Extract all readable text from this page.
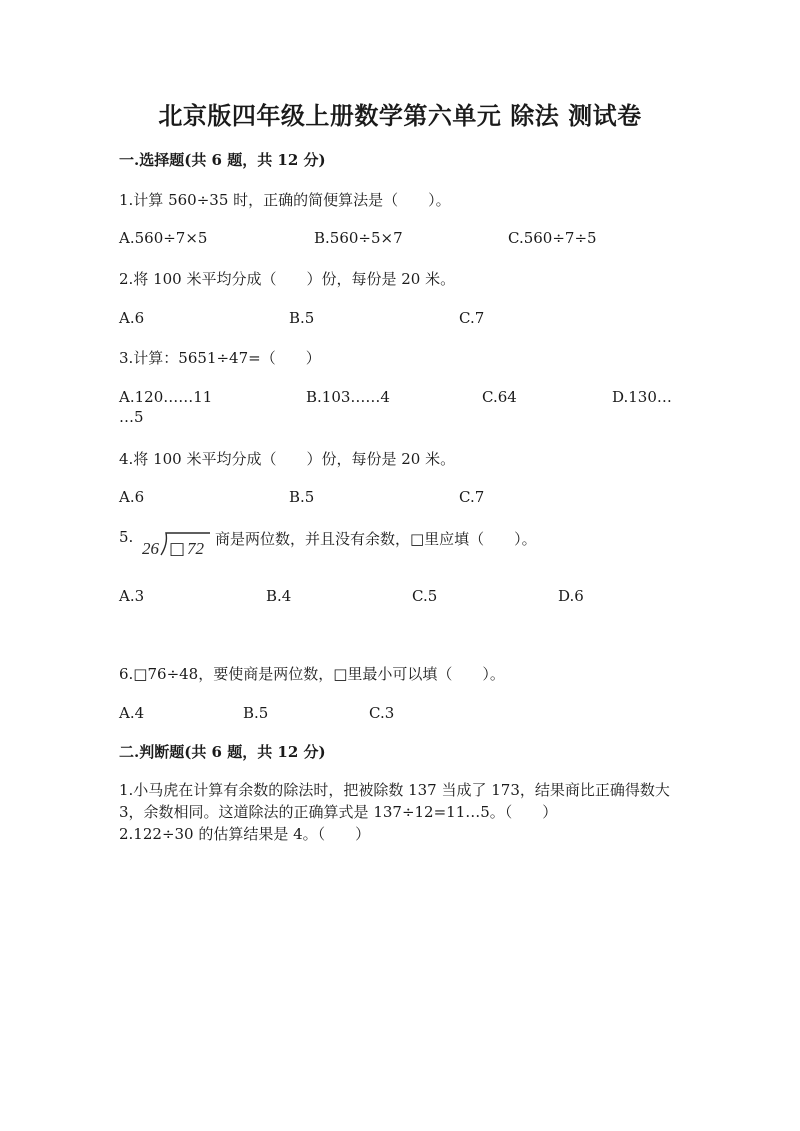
北京版四年级上册数学第六单元 除法 测试卷
一.选择题(共 6 题，共 12 分)
1.计算 560÷35 时，正确的简便算法是（　　）。
A.560÷7×5	B.560÷5×7	C.560÷7÷5
2.将 100 米平均分成（　　）份，每份是 20 米。
A.6	B.5	C.7
3.计算：5651÷47=（　　）
A.120……11	B.103……4	C.64	D.130…
…5
4.将 100 米平均分成（　　）份，每份是 20 米。
A.6	B.5	C.7
5.
26 □ 72 商是两位数，并且没有余数，□里应填（　　）。
A.3	B.4	C.5	D.6
6.□76÷48，要使商是两位数，□里最小可以填（　　）。
A.4	B.5	C.3
二.判断题(共 6 题，共 12 分)
1.小马虎在计算有余数的除法时，把被除数 137 当成了 173，结果商比正确得数大 3，余数相同。这道除法的正确算式是 137÷12=11…5。（　　）
2.122÷30 的估算结果是 4。（　　）
